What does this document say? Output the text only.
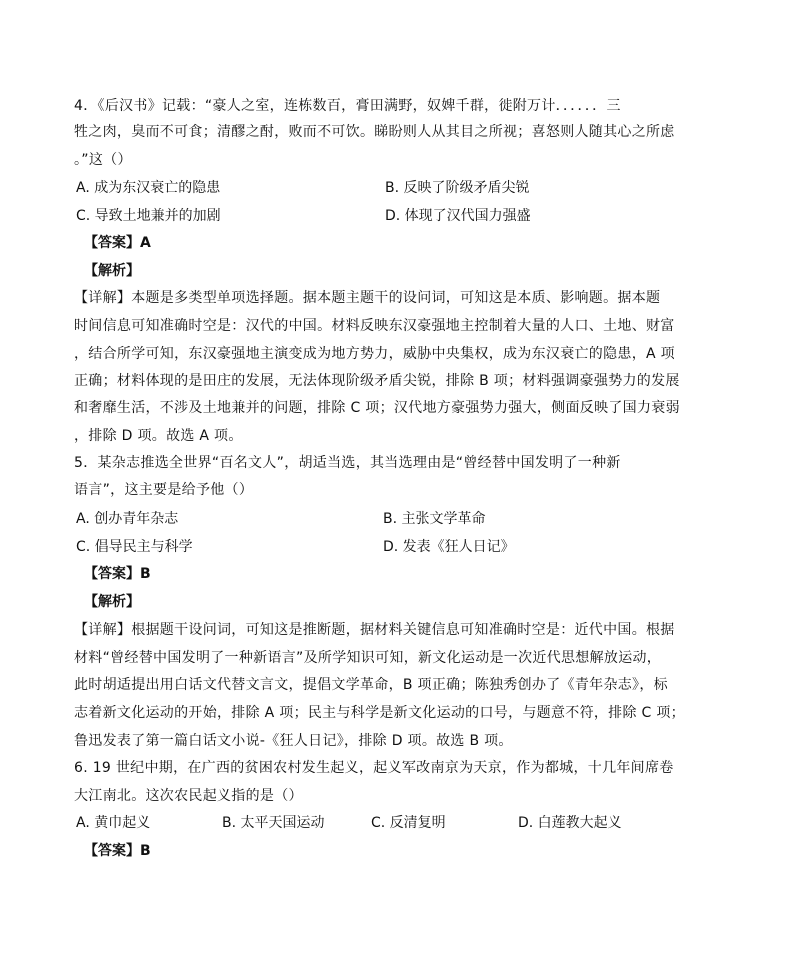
4．《后汉书》记载：“豪人之室，连栋数百，膏田满野，奴婢千群，徙附万计．．．．．．三
牲之肉，臭而不可食；清醪之酎，败而不可饮。睇盼则人从其目之所视；喜怒则人随其心之所虑
。”这（）
A. 成为东汉衰亡的隐患	B. 反映了阶级矛盾尖锐
C. 导致土地兼并的加剧	D. 体现了汉代国力强盛
【答案】A
【解析】
【详解】本题是多类型单项选择题。据本题主题干的设问词，可知这是本质、影响题。据本题
时间信息可知准确时空是：汉代的中国。材料反映东汉豪强地主控制着大量的人口、土地、财富
，结合所学可知，东汉豪强地主演变成为地方势力，威胁中央集权，成为东汉衰亡的隐患，A 项
正确；材料体现的是田庄的发展，无法体现阶级矛盾尖锐，排除 B 项；材料强调豪强势力的发展
和奢靡生活，不涉及土地兼并的问题，排除 C 项；汉代地方豪强势力强大，侧面反映了国力衰弱
，排除 D 项。故选 A 项。
5．某杂志推选全世界“百名文人”，胡适当选，其当选理由是“曾经替中国发明了一种新
语言”，这主要是给予他（）
A. 创办青年杂志	B. 主张文学革命
C. 倡导民主与科学	D. 发表《狂人日记》
【答案】B
【解析】
【详解】根据题干设问词，可知这是推断题，据材料关键信息可知准确时空是：近代中国。根据
材料“曾经替中国发明了一种新语言”及所学知识可知，新文化运动是一次近代思想解放运动，
此时胡适提出用白话文代替文言文，提倡文学革命，B 项正确；陈独秀创办了《青年杂志》，标
志着新文化运动的开始，排除 A 项；民主与科学是新文化运动的口号，与题意不符，排除 C 项；
鲁迅发表了第一篇白话文小说-《狂人日记》，排除 D 项。故选 B 项。
6. 19 世纪中期，在广西的贫困农村发生起义，起义军改南京为天京，作为都城，十几年间席卷
大江南北。这次农民起义指的是（）
A. 黄巾起义	B. 太平天国运动	C. 反清复明	D. 白莲教大起义
【答案】B
